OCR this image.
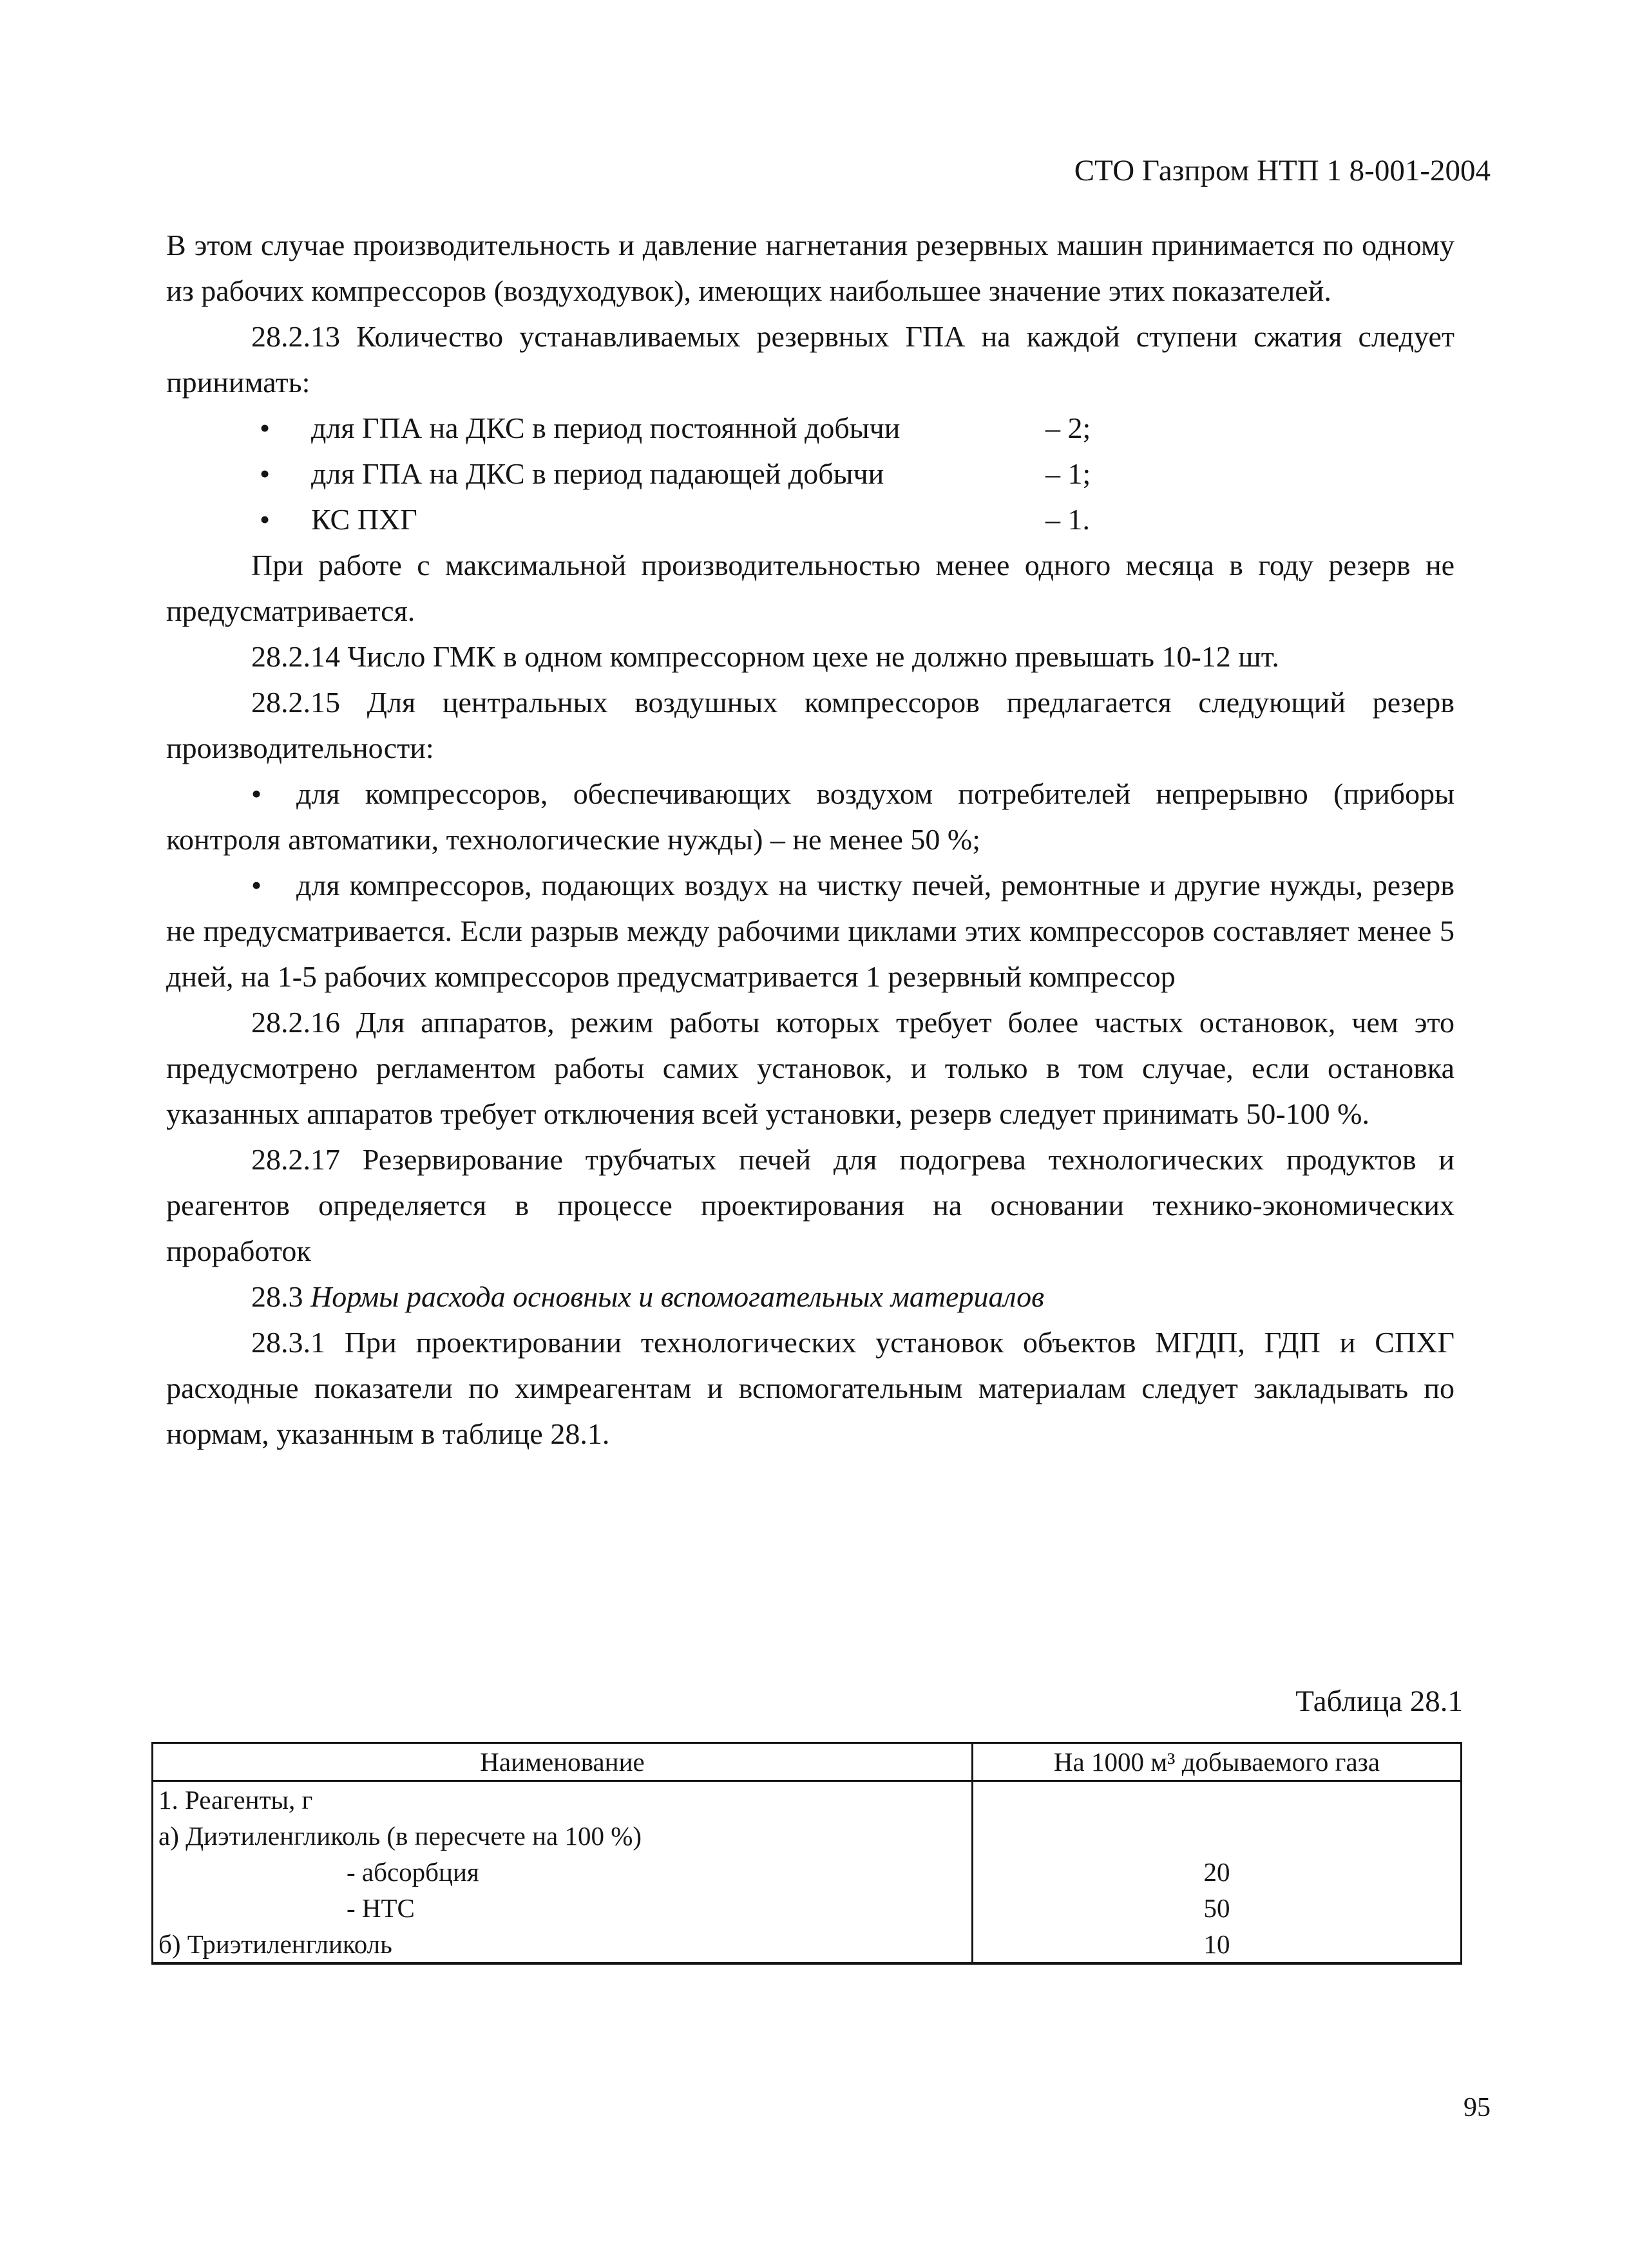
СТО Газпром НТП 1 8-001-2004

В этом случае производительность и давление нагнетания резервных машин принимается по одному из рабочих компрессоров (воздуходувок), имеющих наибольшее значение этих показателей.

28.2.13 Количество устанавливаемых резервных ГПА на каждой ступени сжатия следует принимать:

• для ГПА на ДКС в период постоянной добычи	– 2;
• для ГПА на ДКС в период падающей добычи	– 1;
• КС ПХГ	– 1.

При работе с максимальной производительностью менее одного месяца в году резерв не предусматривается.

28.2.14 Число ГМК в одном компрессорном цехе не должно превышать 10-12 шт.

28.2.15 Для центральных воздушных компрессоров предлагается следующий резерв производительности:

• для компрессоров, обеспечивающих воздухом потребителей непрерывно (приборы контроля автоматики, технологические нужды) – не менее 50 %;

• для компрессоров, подающих воздух на чистку печей, ремонтные и другие нужды, резерв не предусматривается. Если разрыв между рабочими циклами этих компрессоров составляет менее 5 дней, на 1-5 рабочих компрессоров предусматривается 1 резервный компрессор

28.2.16 Для аппаратов, режим работы которых требует более частых остановок, чем это предусмотрено регламентом работы самих установок, и только в том случае, если остановка указанных аппаратов требует отключения всей установки, резерв следует принимать 50-100 %.

28.2.17 Резервирование трубчатых печей для подогрева технологических продуктов и реагентов определяется в процессе проектирования на основании технико-экономических проработок

28.3 Нормы расхода основных и вспомогательных материалов

28.3.1 При проектировании технологических установок объектов МГДП, ГДП и СПХГ расходные показатели по химреагентам и вспомогательным материалам следует закладывать по нормам, указанным в таблице 28.1.

Таблица 28.1
Наименование	На 1000 м³ добываемого газа
1. Реагенты, г	
а) Диэтиленгликоль (в пересчете на 100 %)	
- абсорбция	20
- НТС	50
б) Триэтиленгликоль	10
95
